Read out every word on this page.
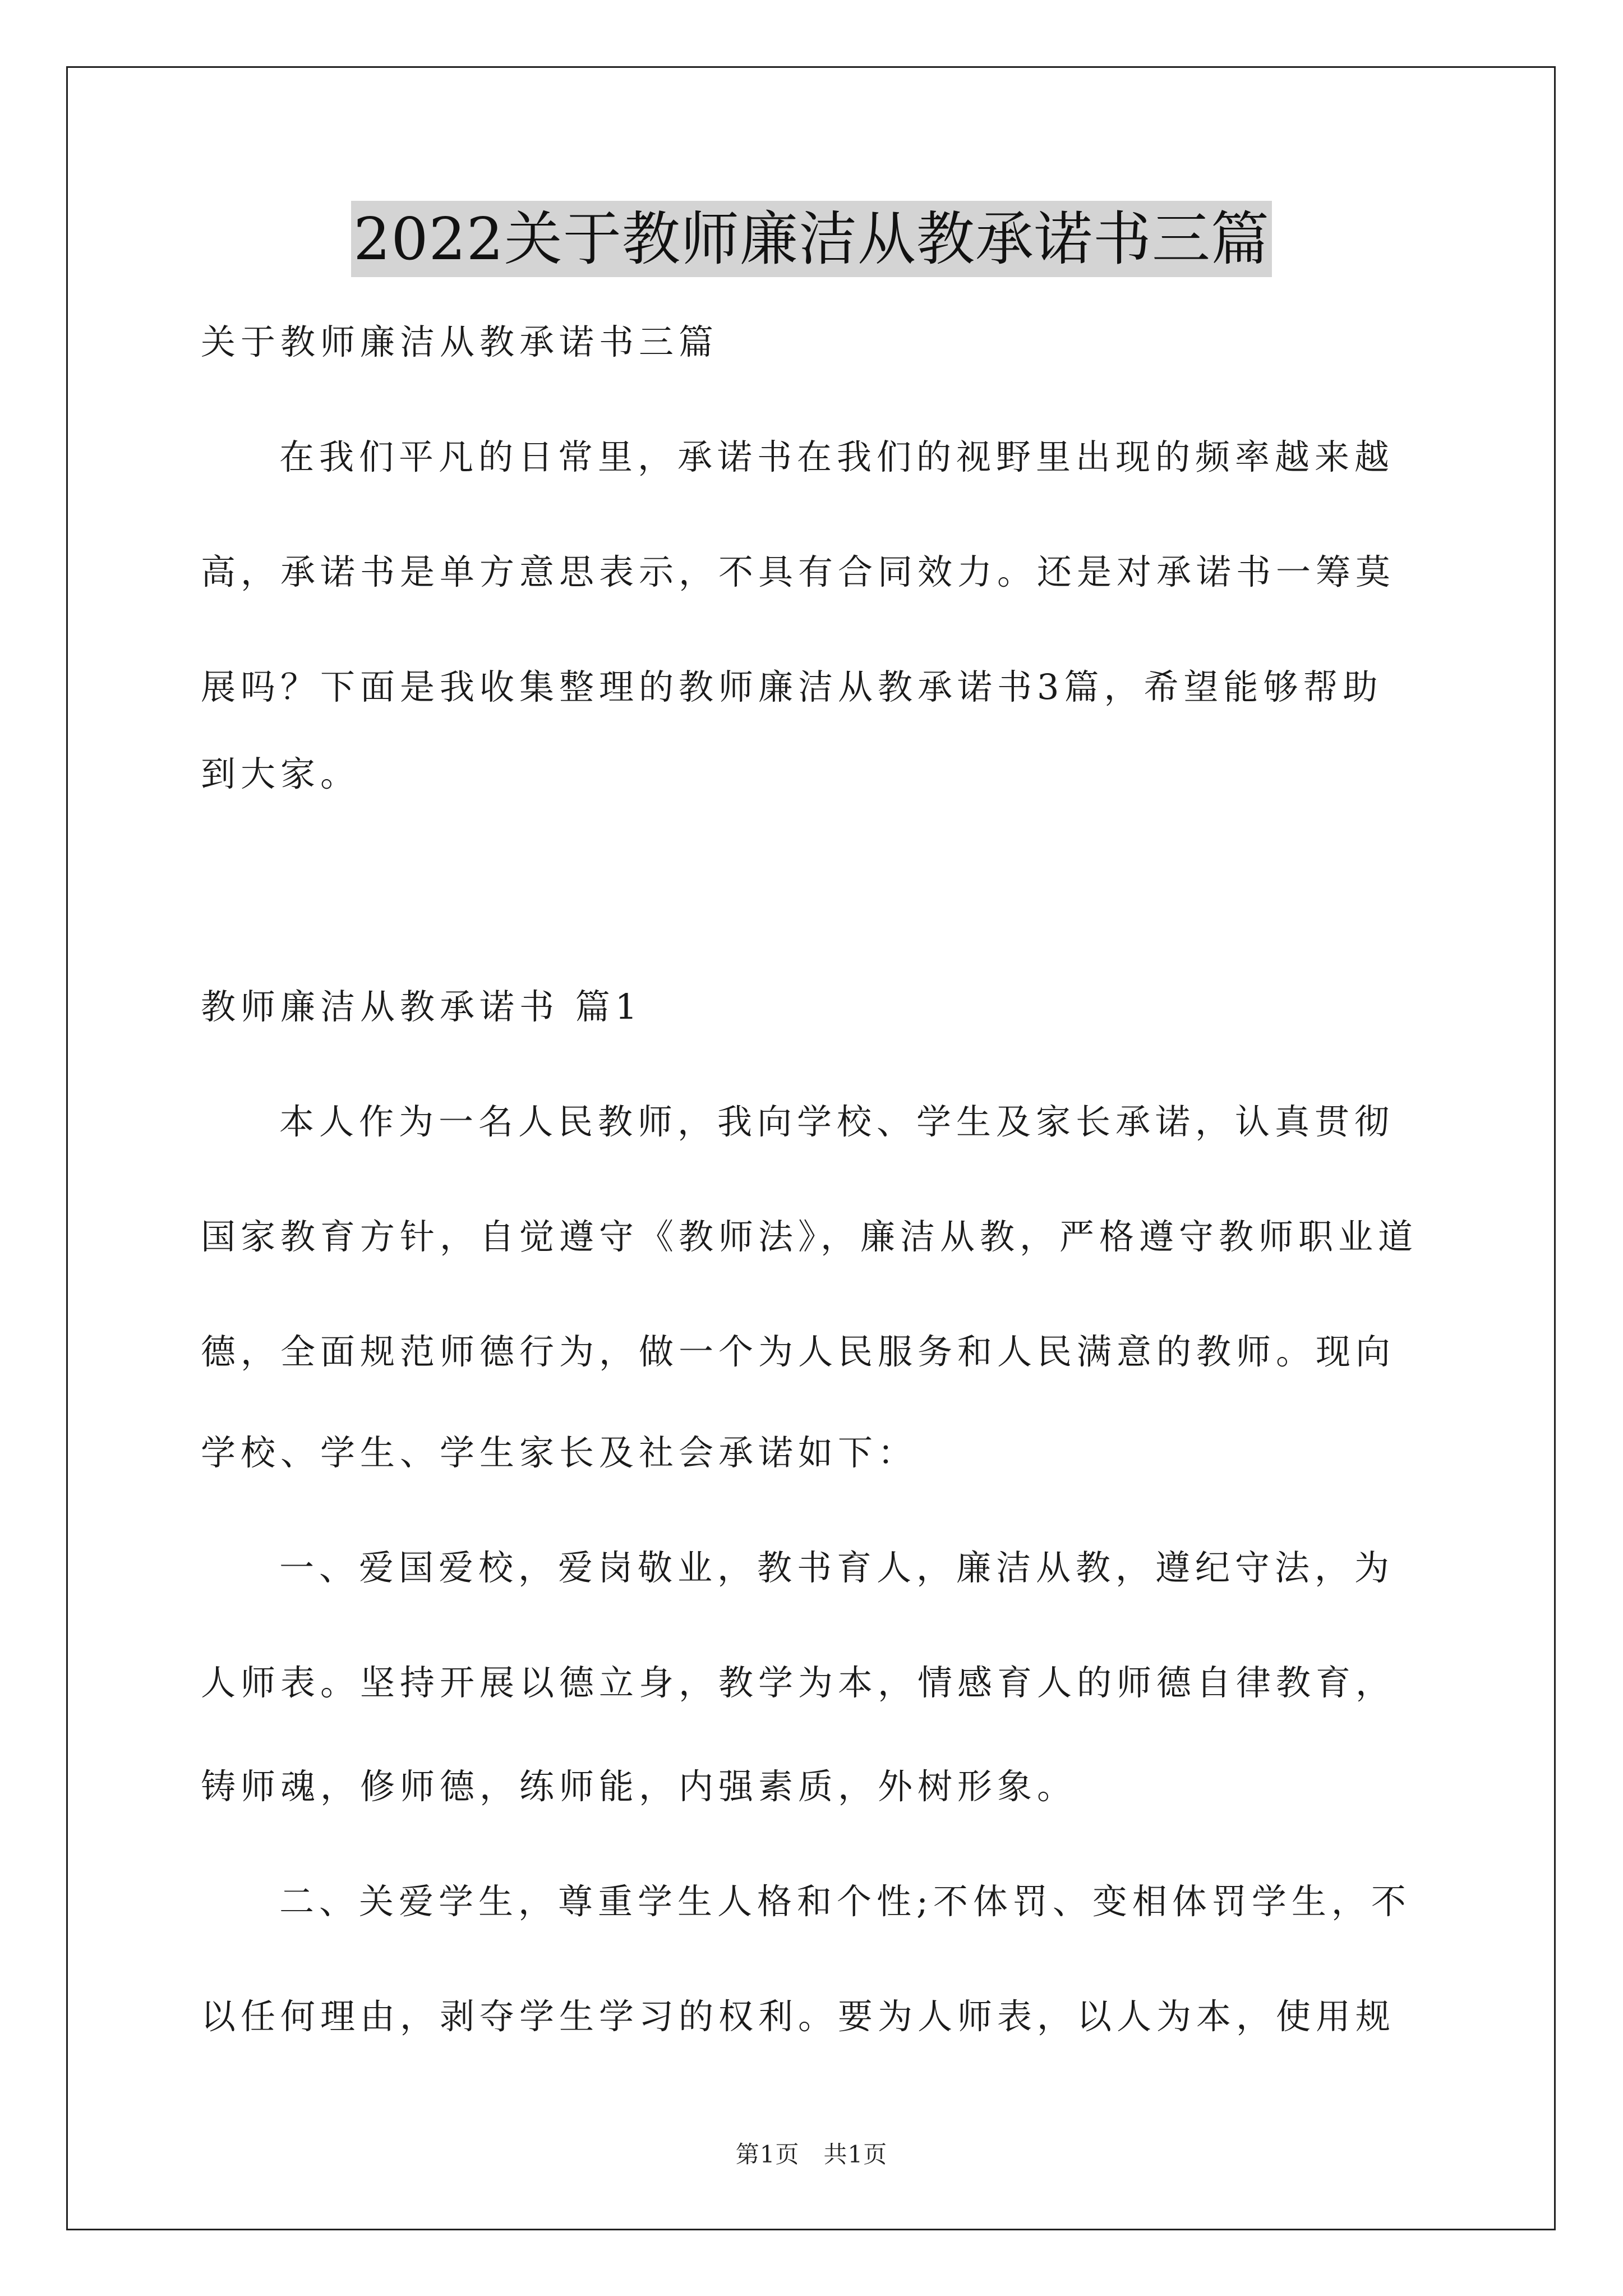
2022关于教师廉洁从教承诺书三篇
关于教师廉洁从教承诺书三篇
在我们平凡的日常里，承诺书在我们的视野里出现的频率越来越
高，承诺书是单方意思表示，不具有合同效力。还是对承诺书一筹莫
展吗？下面是我收集整理的教师廉洁从教承诺书3篇，希望能够帮助
到大家。
教师廉洁从教承诺书 篇1
本人作为一名人民教师，我向学校、学生及家长承诺，认真贯彻
国家教育方针，自觉遵守《教师法》，廉洁从教，严格遵守教师职业道
德，全面规范师德行为，做一个为人民服务和人民满意的教师。现向
学校、学生、学生家长及社会承诺如下：
一、爱国爱校，爱岗敬业，教书育人，廉洁从教，遵纪守法，为
人师表。坚持开展以德立身，教学为本，情感育人的师德自律教育，
铸师魂，修师德，练师能，内强素质，外树形象。
二、关爱学生，尊重学生人格和个性;不体罚、变相体罚学生，不
以任何理由，剥夺学生学习的权利。要为人师表，以人为本，使用规
第1页　共1页
